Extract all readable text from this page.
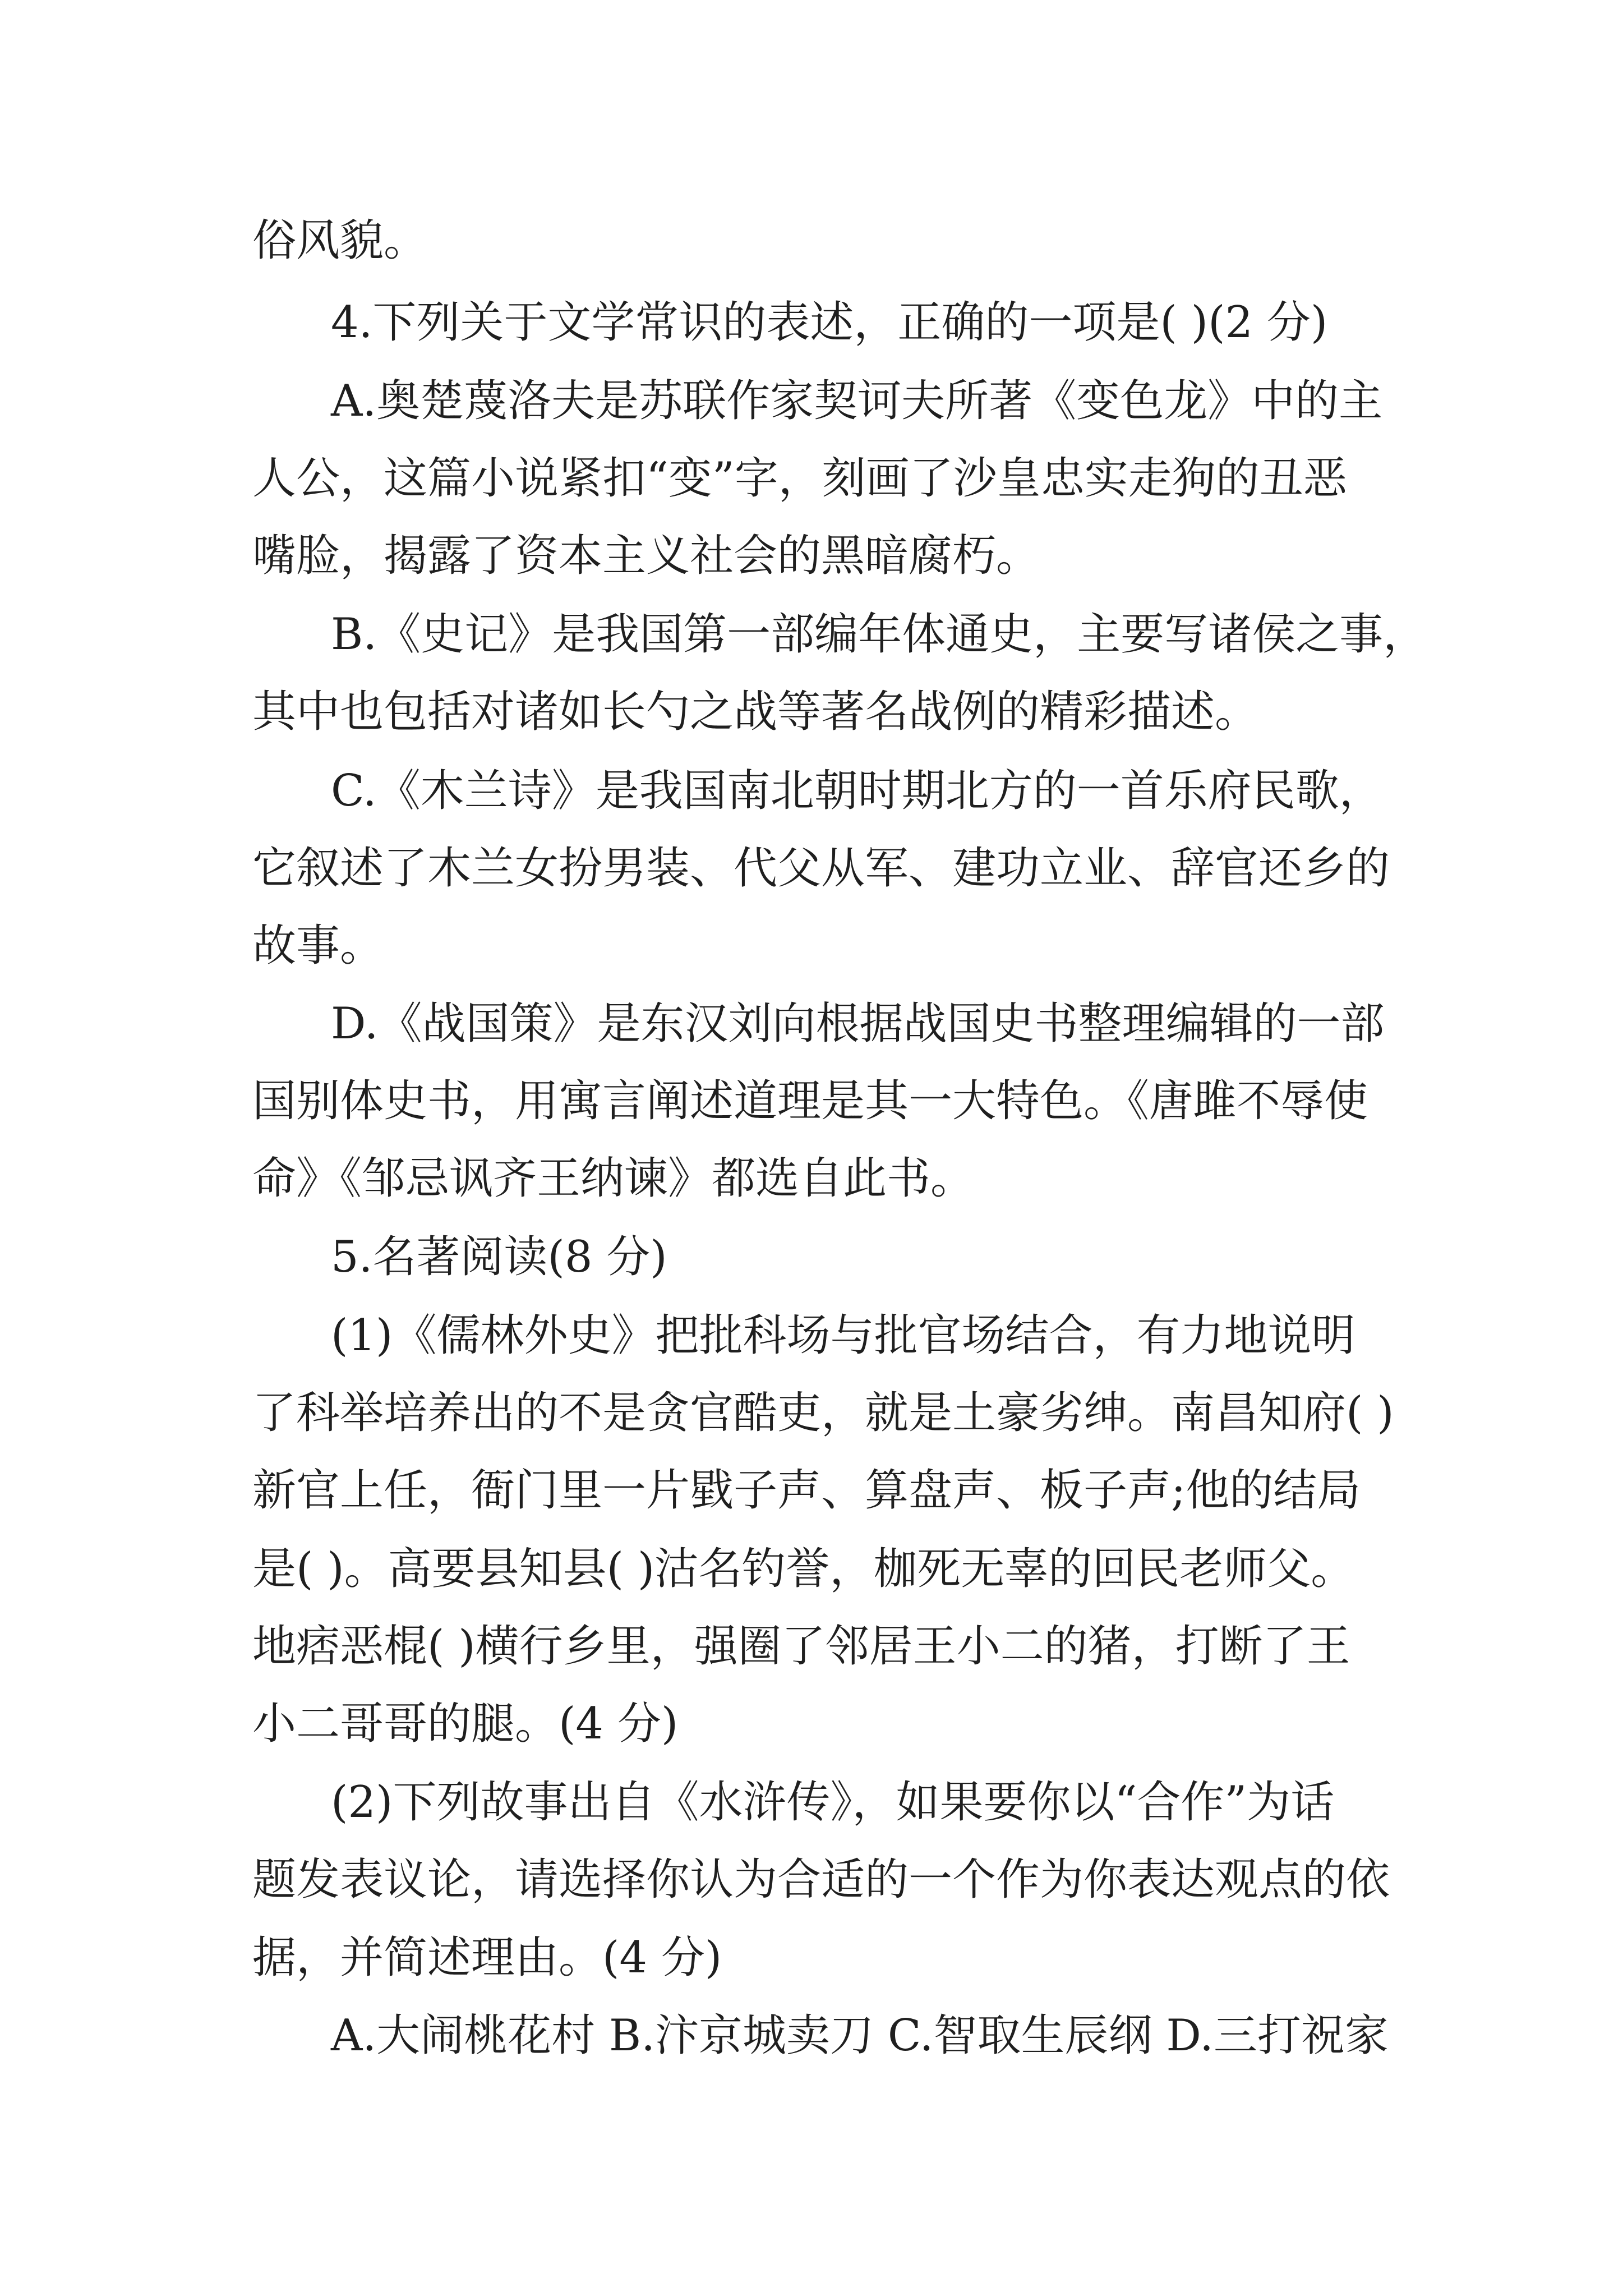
俗风貌。
4.下列关于文学常识的表述，正确的一项是( )(2 分)
A.奥楚蔑洛夫是苏联作家契诃夫所著《变色龙》中的主
人公，这篇小说紧扣“变”字，刻画了沙皇忠实走狗的丑恶
嘴脸，揭露了资本主义社会的黑暗腐朽。
B.《史记》是我国第一部编年体通史，主要写诸侯之事，
其中也包括对诸如长勺之战等著名战例的精彩描述。
C.《木兰诗》是我国南北朝时期北方的一首乐府民歌，
它叙述了木兰女扮男装、代父从军、建功立业、辞官还乡的
故事。
D.《战国策》是东汉刘向根据战国史书整理编辑的一部
国别体史书，用寓言阐述道理是其一大特色。《唐雎不辱使
命》《邹忌讽齐王纳谏》都选自此书。
5.名著阅读(8 分)
(1)《儒林外史》把批科场与批官场结合，有力地说明
了科举培养出的不是贪官酷吏，就是土豪劣绅。南昌知府( )
新官上任，衙门里一片戥子声、算盘声、板子声;他的结局
是( )。高要县知县( )沽名钓誉，枷死无辜的回民老师父。
地痞恶棍( )横行乡里，强圈了邻居王小二的猪，打断了王
小二哥哥的腿。(4 分)
(2)下列故事出自《水浒传》，如果要你以“合作”为话
题发表议论，请选择你认为合适的一个作为你表达观点的依
据，并简述理由。(4 分)
A.大闹桃花村 B.汴京城卖刀 C.智取生辰纲 D.三打祝家
